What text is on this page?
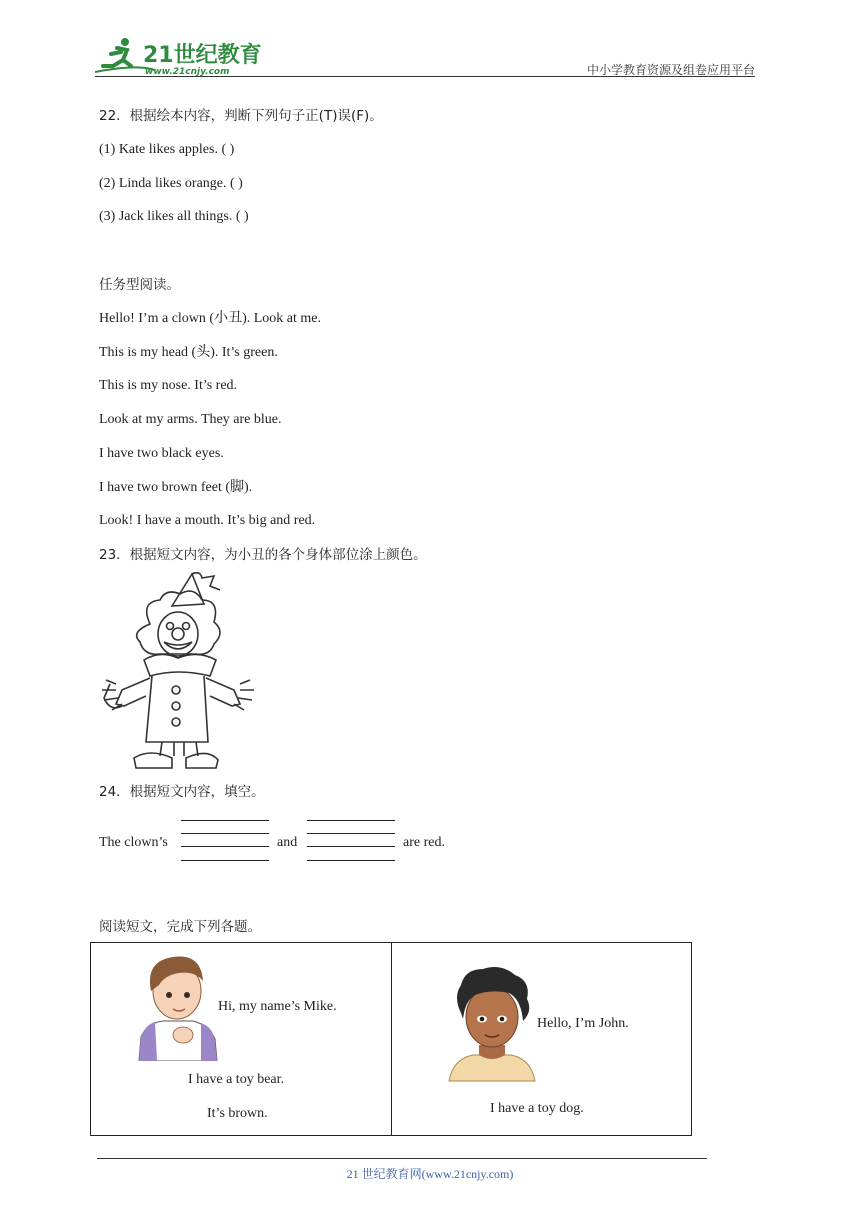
21世纪教育
www.21cnjy.com	中小学教育资源及组卷应用平台
22．根据绘本内容，判断下列句子正(T)误(F)。
(1) Kate likes apples. ( )
(2) Linda likes orange. ( )
(3) Jack likes all things. ( )
任务型阅读。
Hello! I’m a clown (小丑). Look at me.
This is my head (头). It’s green.
This is my nose. It’s red.
Look at my arms. They are blue.
I have two black eyes.
I have two brown feet (脚).
Look! I have a mouth. It’s big and red.
23．根据短文内容，为小丑的各个身体部位涂上颜色。
24．根据短文内容，填空。
The clown’s	and	are red.
阅读短文，完成下列各题。
Hi, my name’s Mike.
I have a toy bear.
It’s brown.
Hello, I’m John.
I have a toy dog.
21 世纪教育网(www.21cnjy.com)
